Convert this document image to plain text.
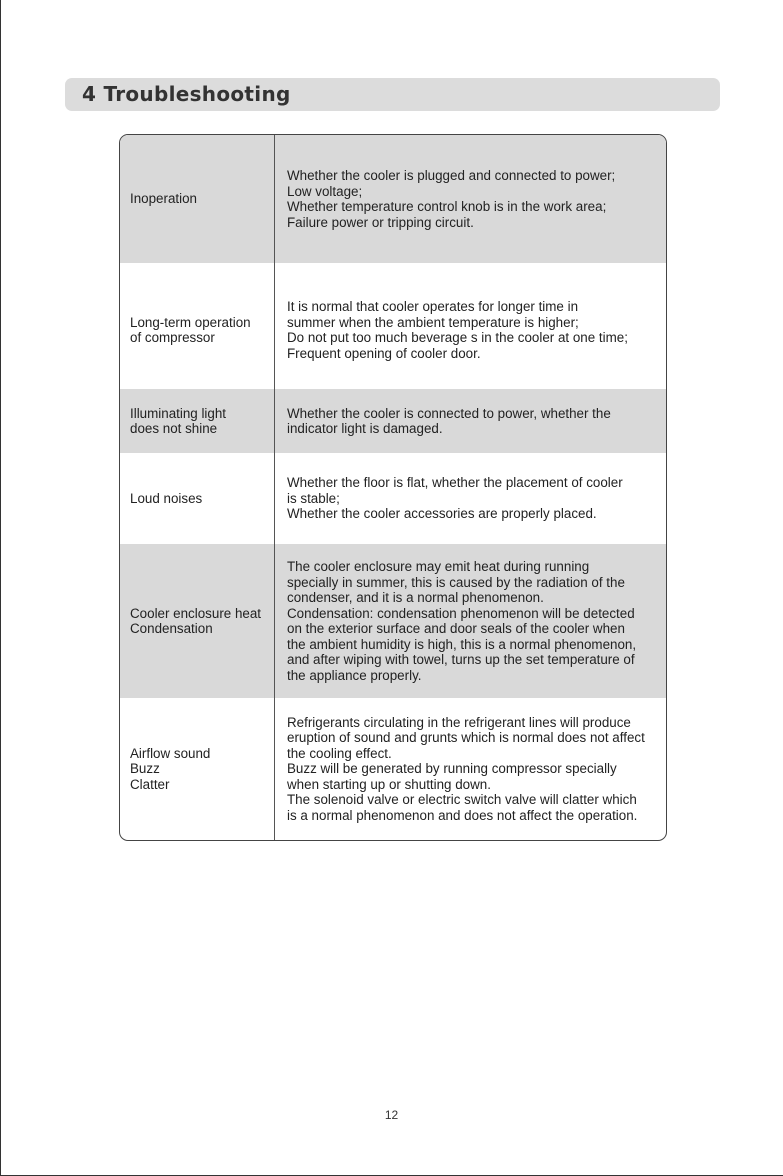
4 Troubleshooting
Inoperation
Whether the cooler is plugged and connected to power;
Low voltage;
Whether temperature control knob is in the work area;
Failure power or tripping circuit.
Long-term operation
of compressor
It is normal that cooler operates for longer time in
summer when the ambient temperature is higher;
Do not put too much beverage s in the cooler at one time;
Frequent opening of cooler door.
Illuminating light
does not shine
Whether the cooler is connected to power, whether the
indicator light is damaged.
Loud noises
Whether the floor is flat, whether the placement of cooler
is stable;
Whether the cooler accessories are properly placed.
Cooler enclosure heat
Condensation
The cooler enclosure may emit heat during running
specially in summer, this is caused by the radiation of the
condenser, and it is a normal phenomenon.
Condensation: condensation phenomenon will be detected
on the exterior surface and door seals of the cooler when
the ambient humidity is high, this is a normal phenomenon,
and after wiping with towel, turns up the set temperature of
the appliance properly.
Airflow sound
Buzz
Clatter
Refrigerants circulating in the refrigerant lines will produce
eruption of sound and grunts which is normal does not affect
the cooling effect.
Buzz will be generated by running compressor specially
when starting up or shutting down.
The solenoid valve or electric switch valve will clatter which
is a normal phenomenon and does not affect the operation.
12
